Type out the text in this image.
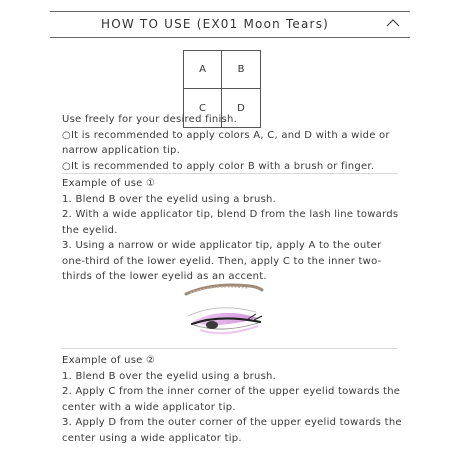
HOW TO USE (EX01 Moon Tears)
A	B
C	D
Use freely for your desired finish.
○It is recommended to apply colors A, C, and D with a wide or
narrow application tip.
○It is recommended to apply color B with a brush or finger.
Example of use ①
1. Blend B over the eyelid using a brush.
2. With a wide applicator tip, blend D from the lash line towards
the eyelid.
3. Using a narrow or wide applicator tip, apply A to the outer
one-third of the lower eyelid. Then, apply C to the inner two-
thirds of the lower eyelid as an accent.
Example of use ②
1. Blend B over the eyelid using a brush.
2. Apply C from the inner corner of the upper eyelid towards the
center with a wide applicator tip.
3. Apply D from the outer corner of the upper eyelid towards the
center using a wide applicator tip.
